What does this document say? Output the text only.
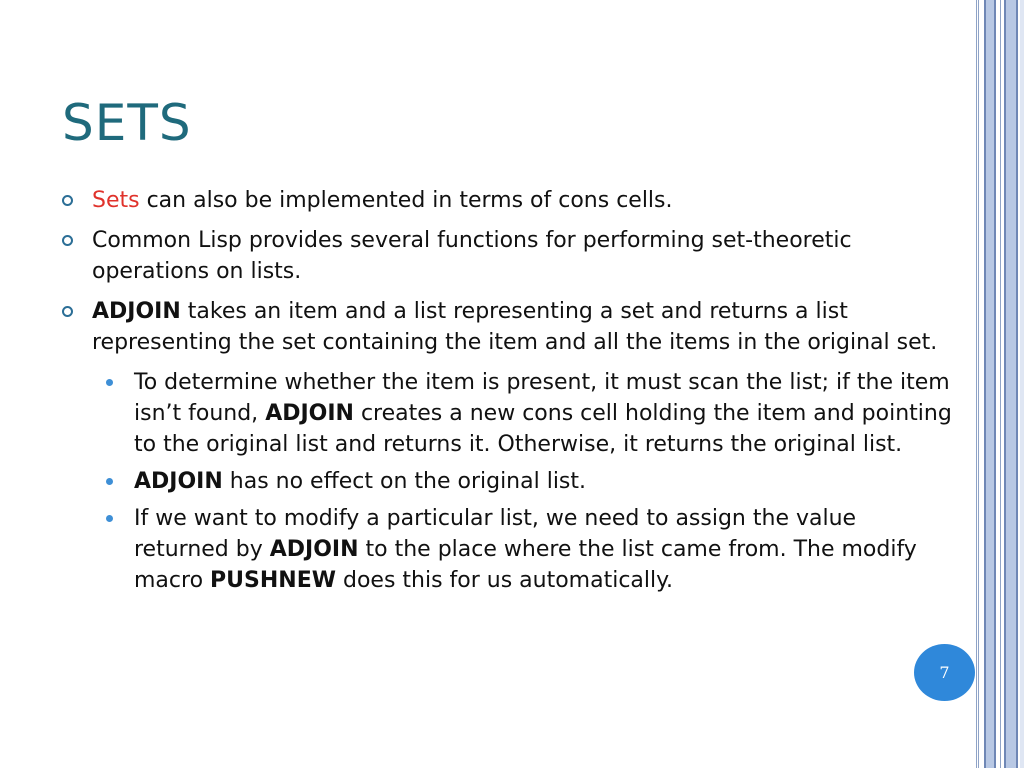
SETS
Sets can also be implemented in terms of cons cells.
Common Lisp provides several functions for performing set-theoretic operations on lists.
ADJOIN takes an item and a list representing a set and returns a list representing the set containing the item and all the items in the original set.
To determine whether the item is present, it must scan the list; if the item isn’t found, ADJOIN creates a new cons cell holding the item and pointing to the original list and returns it. Otherwise, it returns the original list.
ADJOIN has no effect on the original list.
If we want to modify a particular list, we need to assign the value returned by ADJOIN to the place where the list came from. The modify macro PUSHNEW does this for us automatically.
7
